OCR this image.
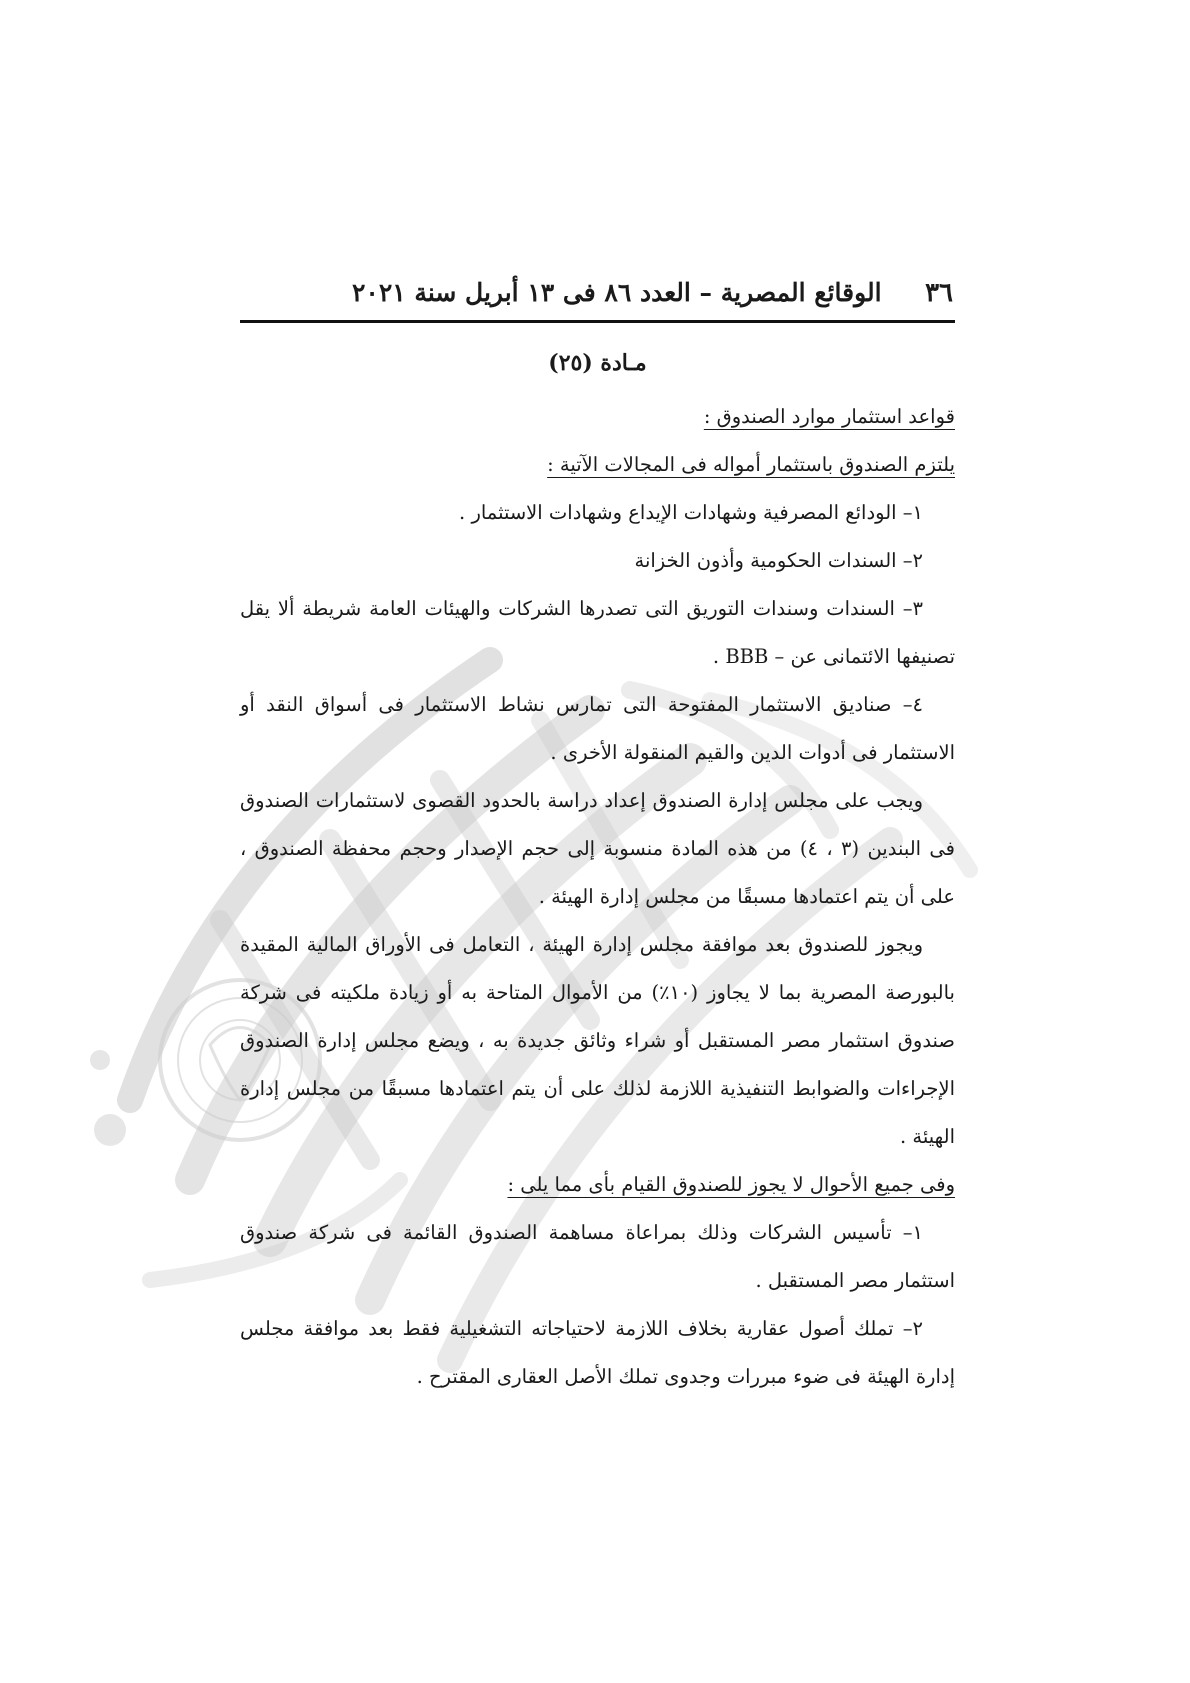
٣٦
الوقائع المصرية – العدد ٨٦ فى ١٣ أبريل سنة ٢٠٢١
مـادة (٢٥)

قواعد استثمار موارد الصندوق :

يلتزم الصندوق باستثمار أمواله فى المجالات الآتية :

١– الودائع المصرفية وشهادات الإيداع وشهادات الاستثمار .

٢– السندات الحكومية وأذون الخزانة

٣– السندات وسندات التوريق التى تصدرها الشركات والهيئات العامة شريطة ألا يقل تصنيفها الائتمانى عن – BBB .

٤– صناديق الاستثمار المفتوحة التى تمارس نشاط الاستثمار فى أسواق النقد أو الاستثمار فى أدوات الدين والقيم المنقولة الأخرى .

ويجب على مجلس إدارة الصندوق إعداد دراسة بالحدود القصوى لاستثمارات الصندوق فى البندين (٣ ، ٤) من هذه المادة منسوبة إلى حجم الإصدار وحجم محفظة الصندوق ، على أن يتم اعتمادها مسبقًا من مجلس إدارة الهيئة .

ويجوز للصندوق بعد موافقة مجلس إدارة الهيئة ، التعامل فى الأوراق المالية المقيدة بالبورصة المصرية بما لا يجاوز (١٠٪) من الأموال المتاحة به أو زيادة ملكيته فى شركة صندوق استثمار مصر المستقبل أو شراء وثائق جديدة به ، ويضع مجلس إدارة الصندوق الإجراءات والضوابط التنفيذية اللازمة لذلك على أن يتم اعتمادها مسبقًا من مجلس إدارة الهيئة .

وفى جميع الأحوال لا يجوز للصندوق القيام بأى مما يلى :

١– تأسيس الشركات وذلك بمراعاة مساهمة الصندوق القائمة فى شركة صندوق استثمار مصر المستقبل .

٢– تملك أصول عقارية بخلاف اللازمة لاحتياجاته التشغيلية فقط بعد موافقة مجلس إدارة الهيئة فى ضوء مبررات وجدوى تملك الأصل العقارى المقترح .
